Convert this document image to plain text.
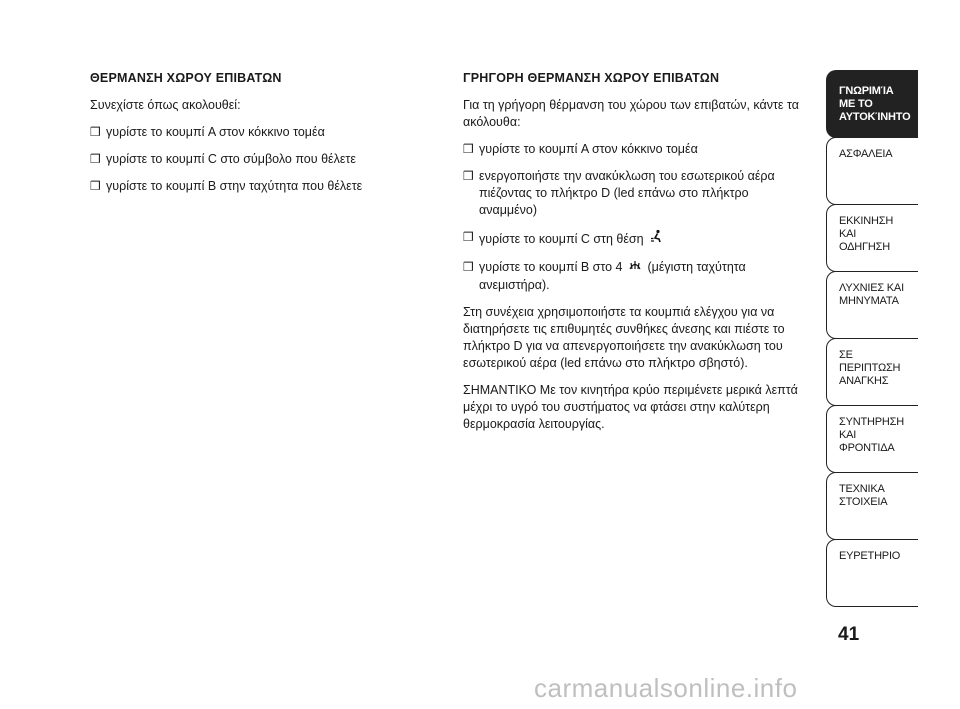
ΘΕΡΜΑΝΣΗ ΧΩΡΟΥ ΕΠΙΒΑΤΩΝ
Συνεχίστε όπως ακολουθεί:
❒ γυρίστε το κουμπί A στον κόκκινο τομέα
❒ γυρίστε το κουμπί C στο σύμβολο που θέλετε
❒ γυρίστε το κουμπί B στην ταχύτητα που θέλετε
ΓΡΗΓΟΡΗ ΘΕΡΜΑΝΣΗ ΧΩΡΟΥ ΕΠΙΒΑΤΩΝ
Για τη γρήγορη θέρμανση του χώρου των επιβατών, κάντε τα ακόλουθα:
❒ γυρίστε το κουμπί A στον κόκκινο τομέα
❒ ενεργοποιήστε την ανακύκλωση του εσωτερικού αέρα πιέζοντας το πλήκτρο D (led επάνω στο πλήκτρο αναμμένο)
❒ γυρίστε το κουμπί C στη θέση
❒ γυρίστε το κουμπί B στο 4 (μέγιστη ταχύτητα ανεμιστήρα).
Στη συνέχεια χρησιμοποιήστε τα κουμπιά ελέγχου για να διατηρήσετε τις επιθυμητές συνθήκες άνεσης και πιέστε το πλήκτρο D για να απενεργοποιήσετε την ανακύκλωση του εσωτερικού αέρα (led επάνω στο πλήκτρο σβηστό).
ΣΗΜΑΝΤΙΚΟ Με τον κινητήρα κρύο περιμένετε μερικά λεπτά μέχρι το υγρό του συστήματος να φτάσει στην καλύτερη θερμοκρασία λειτουργίας.
ΓΝΩΡΙΜΊΑ
ΜΕ ΤΟ
ΑΥΤΟΚΊΝΗΤΟ
ΑΣΦΑΛΕΙΑ
ΕΚΚΙΝΗΣΗ ΚΑΙ
ΟΔΗΓΗΣΗ
ΛΥΧΝΙΕΣ ΚΑΙ
ΜΗΝΥΜΑΤΑ
ΣΕ ΠΕΡΙΠΤΩΣΗ
ΑΝΑΓΚΗΣ
ΣΥΝΤΗΡΗΣΗ
ΚΑΙ ΦΡΟΝΤΙΔΑ
ΤΕΧΝΙΚΑ
ΣΤΟΙΧΕΙΑ
ΕΥΡΕΤΗΡΙΟ
41
carmanualsonline.info
